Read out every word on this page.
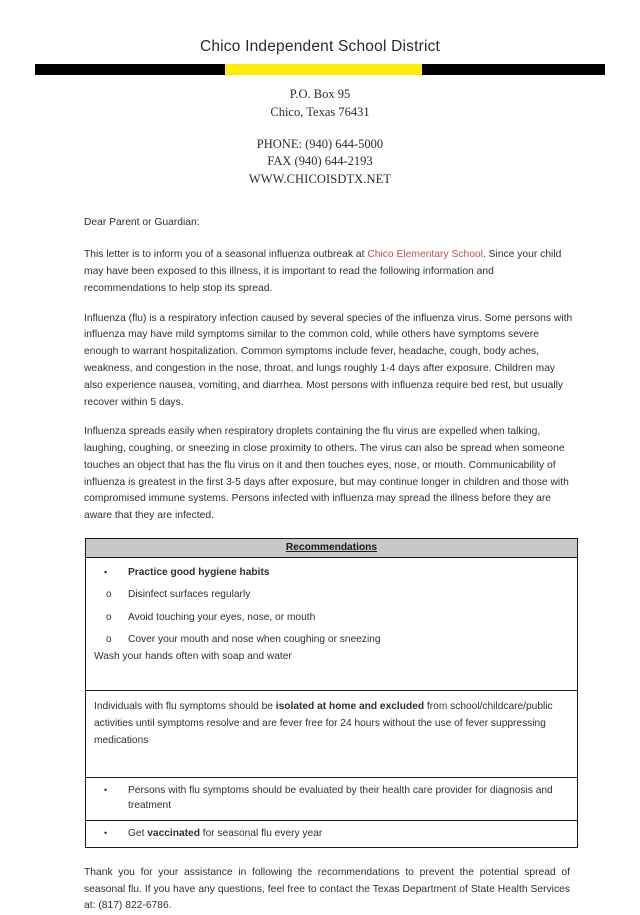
Chico Independent School District
P.O. Box 95
Chico, Texas 76431
PHONE: (940) 644-5000
FAX (940) 644-2193
WWW.CHICOISDTX.NET

Dear Parent or Guardian:

This letter is to inform you of a seasonal influenza outbreak at Chico Elementary School. Since your child may have been exposed to this illness, it is important to read the following information and recommendations to help stop its spread.

Influenza (flu) is a respiratory infection caused by several species of the influenza virus. Some persons with influenza may have mild symptoms similar to the common cold, while others have symptoms severe enough to warrant hospitalization. Common symptoms include fever, headache, cough, body aches, weakness, and congestion in the nose, throat, and lungs roughly 1-4 days after exposure. Children may also experience nausea, vomiting, and diarrhea. Most persons with influenza require bed rest, but usually recover within 5 days.

Influenza spreads easily when respiratory droplets containing the flu virus are expelled when talking, laughing, coughing, or sneezing in close proximity to others. The virus can also be spread when someone touches an object that has the flu virus on it and then touches eyes, nose, or mouth. Communicability of influenza is greatest in the first 3-5 days after exposure, but may continue longer in children and those with compromised immune systems. Persons infected with influenza may spread the illness before they are aware that they are infected.

Recommendations
• Practice good hygiene habits
o Disinfect surfaces regularly
o Avoid touching your eyes, nose, or mouth
o Cover your mouth and nose when coughing or sneezing
Wash your hands often with soap and water
Individuals with flu symptoms should be isolated at home and excluded from school/childcare/public activities until symptoms resolve and are fever free for 24 hours without the use of fever suppressing medications
• Persons with flu symptoms should be evaluated by their health care provider for diagnosis and treatment
• Get vaccinated for seasonal flu every year

Thank you for your assistance in following the recommendations to prevent the potential spread of seasonal flu. If you have any questions, feel free to contact the Texas Department of State Health Services at: (817) 822-6786.
